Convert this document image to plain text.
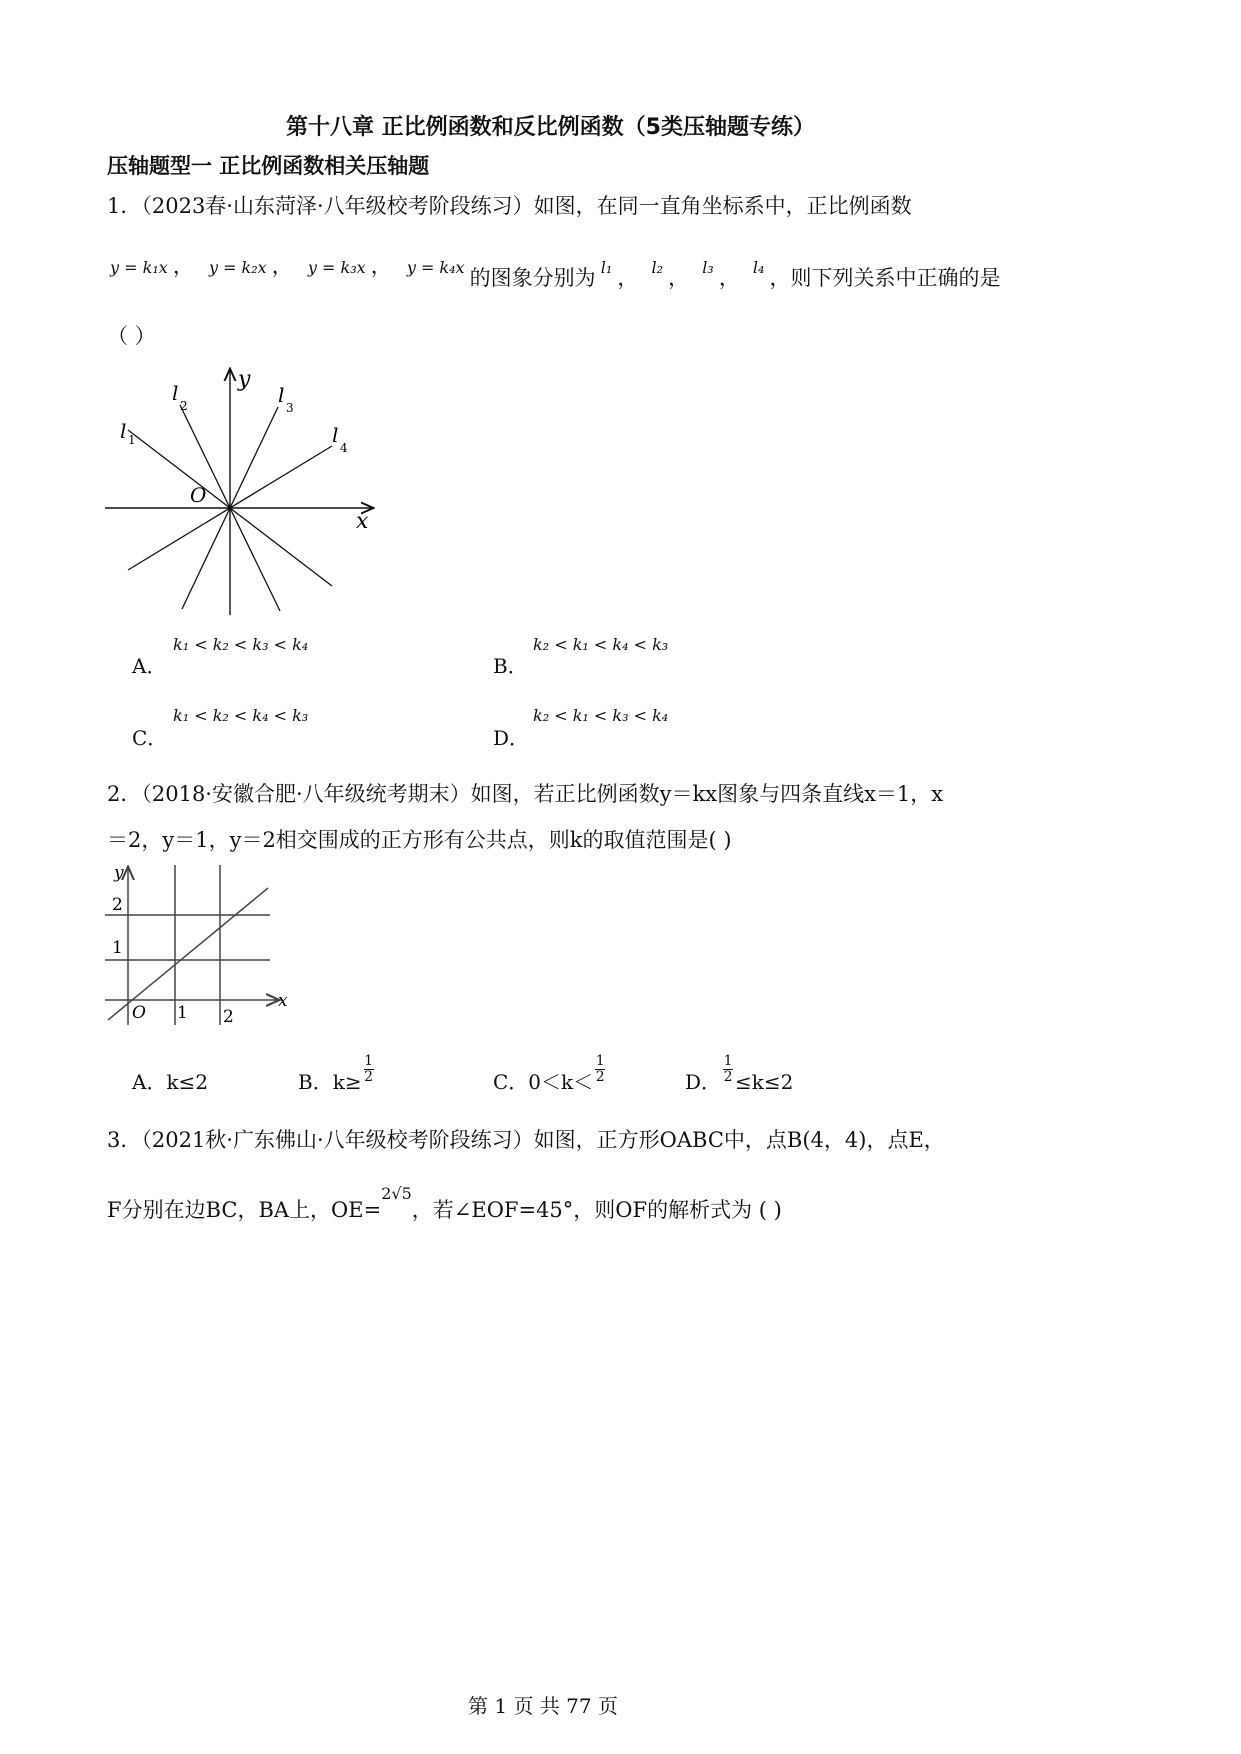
第十八章 正比例函数和反比例函数（5类压轴题专练）
压轴题型一 正比例函数相关压轴题
1．（2023春·山东菏泽·八年级校考阶段练习）如图，在同一直角坐标系中，正比例函数
y = k₁x ， y = k₂x ， y = k₃x ， y = k₄x 的图象分别为 l₁ ， l₂ ， l₃ ， l₄ ，则下列关系中正确的是
（ ）
y
x
O
l 1
l
2	l
3
l
4
A．
k₁ < k₂ < k₃ < k₄
B．
k₂ < k₁ < k₄ < k₃
C．
k₁ < k₂ < k₄ < k₃
D．
k₂ < k₁ < k₃ < k₄
2．（2018·安徽合肥·八年级统考期末）如图，若正比例函数y＝kx图象与四条直线x＝1，x
＝2，y＝1，y＝2相交围成的正方形有公共点，则k的取值范围是( )
y
x
O
2
1
1 2
A．k≤2	B．$k\ge \frac{1}{2}$	C．$0<k< \frac{1}{2}$	D． $\frac{1}{2} \le k\le 2$
3．（2021秋·广东佛山·八年级校考阶段练习）如图，正方形OABC中，点B(4，4)，点E，
F分别在边BC，BA上，OE=$^{2√5}$，若∠EOF=45°，则OF的解析式为 ( )
第 1 页 共 77 页
